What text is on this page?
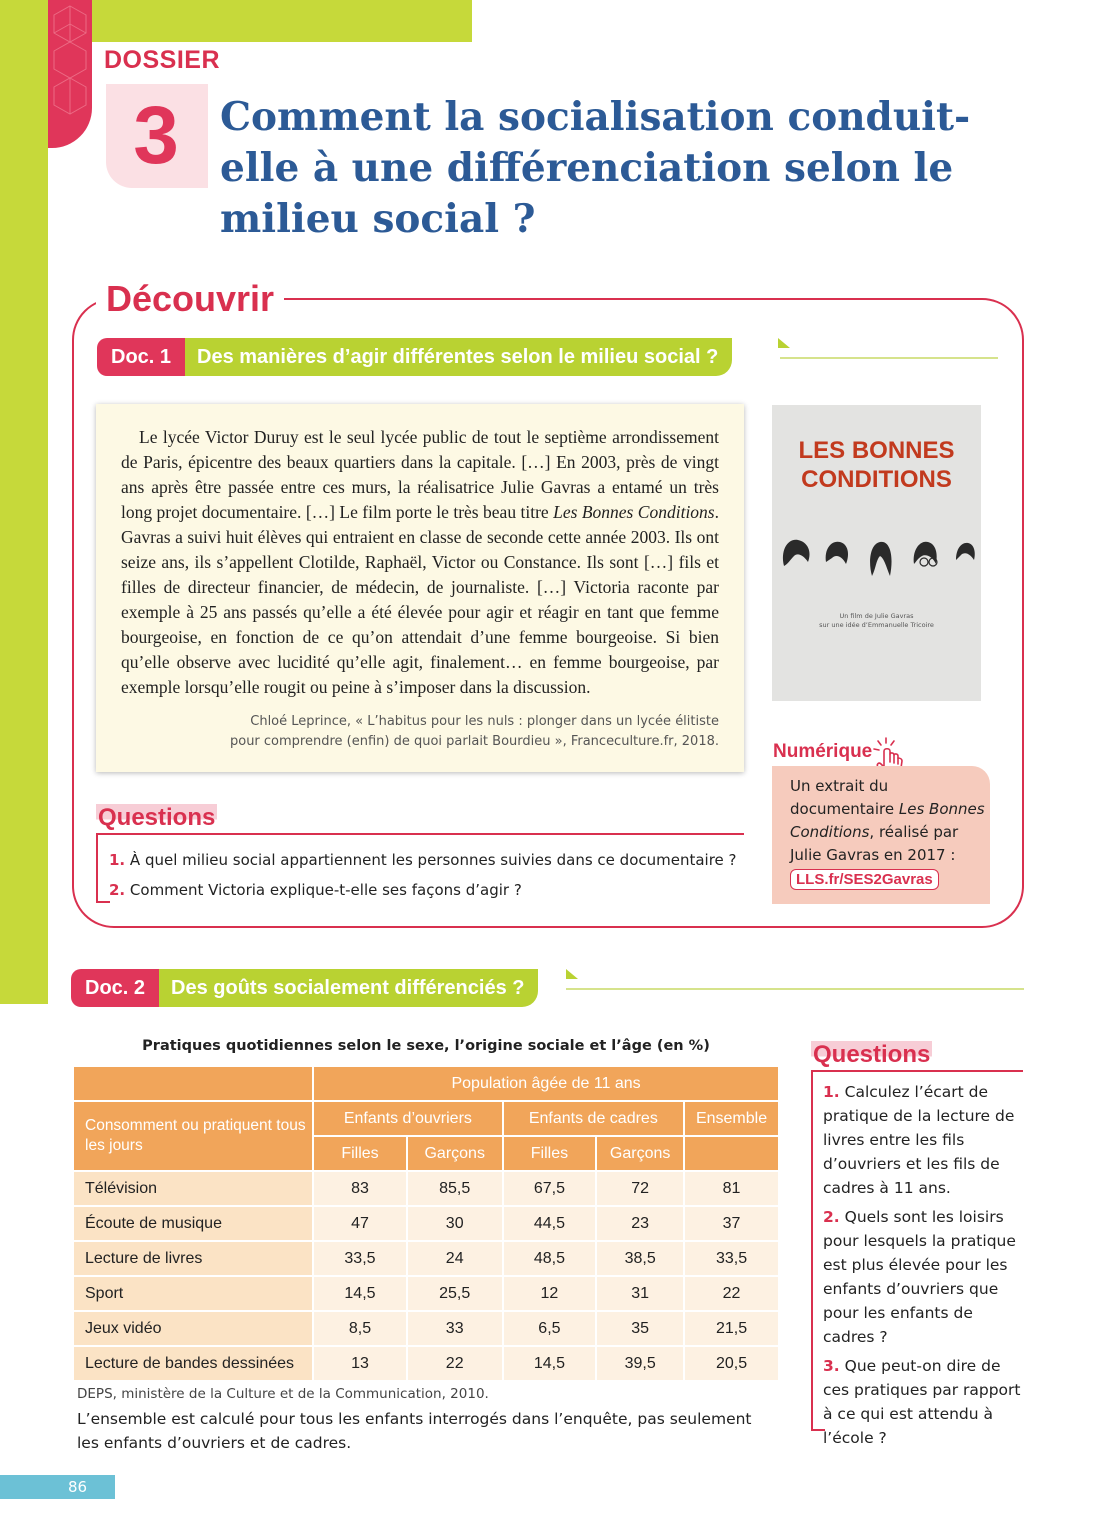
DOSSIER
3	Comment la socialisation conduit-elle à une différenciation selon le milieu social ?
Découvrir
Doc. 1	Des manières d’agir différentes selon le milieu social ?

Le lycée Victor Duruy est le seul lycée public de tout le septième arrondissement de Paris, épicentre des beaux quartiers dans la capitale. […] En 2003, près de vingt ans après être passée entre ces murs, la réalisatrice Julie Gavras a entamé un très long projet documentaire. […] Le film porte le très beau titre Les Bonnes Conditions. Gavras a suivi huit élèves qui entraient en classe de seconde cette année 2003. Ils ont seize ans, ils s’appellent Clotilde, Raphaël, Victor ou Constance. Ils sont […] fils et filles de directeur financier, de médecin, de journaliste. […] Victoria raconte par exemple à 25 ans passés qu’elle a été élevée pour agir et réagir en tant que femme bourgeoise, en fonction de ce qu’on attendait d’une femme bourgeoise. Si bien qu’elle observe avec lucidité qu’elle agit, finalement… en femme bourgeoise, par exemple lorsqu’elle rougit ou peine à s’imposer dans la discussion.

Chloé Leprince, « L’habitus pour les nuls : plonger dans un lycée élitiste
pour comprendre (enfin) de quoi parlait Bourdieu », Franceculture.fr, 2018.
LES BONNES
CONDITIONS
Un film de Julie Gavras
sur une idée d’Emmanuelle Tricoire
Numérique
Un extrait du documentaire Les Bonnes Conditions, réalisé par Julie Gavras en 2017 :
LLS.fr/SES2Gavras
Questions
1. À quel milieu social appartiennent les personnes suivies dans ce documentaire ?
2. Comment Victoria explique-t-elle ses façons d’agir ?
Doc. 2	Des goûts socialement différenciés ?
Pratiques quotidiennes selon le sexe, l’origine sociale et l’âge (en %)
	Population âgée de 11 ans				
Consomment ou pratiquent tous les jours	Enfants d’ouvriers		Enfants de cadres		Ensemble
	Filles	Garçons	Filles	Garçons	
Télévision	83	85,5	67,5	72	81
Écoute de musique	47	30	44,5	23	37
Lecture de livres	33,5	24	48,5	38,5	33,5
Sport	14,5	25,5	12	31	22
Jeux vidéo	8,5	33	6,5	35	21,5
Lecture de bandes dessinées	13	22	14,5	39,5	20,5
DEPS, ministère de la Culture et de la Communication, 2010.
L’ensemble est calculé pour tous les enfants interrogés dans l’enquête, pas seulement les enfants d’ouvriers et de cadres.
Questions
1. Calculez l’écart de pratique de la lecture de livres entre les fils d’ouvriers et les fils de cadres à 11 ans.
2. Quels sont les loisirs pour lesquels la pratique est plus élevée pour les enfants d’ouvriers que pour les enfants de cadres ?
3. Que peut-on dire de ces pratiques par rapport à ce qui est attendu à l’école ?
86
